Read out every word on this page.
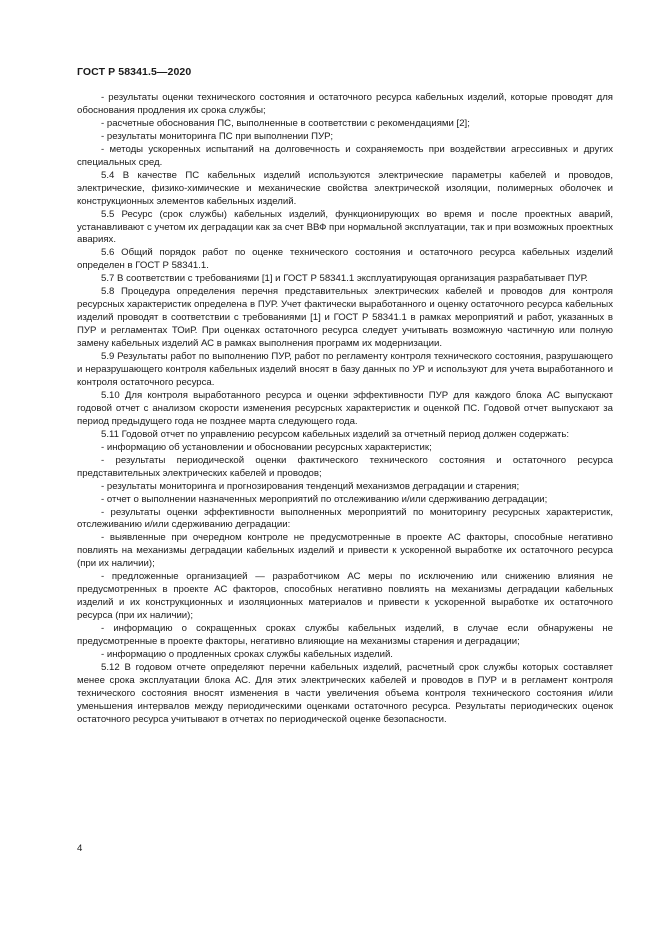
ГОСТ Р 58341.5—2020

- результаты оценки технического состояния и остаточного ресурса кабельных изделий, которые проводят для обоснования продления их срока службы;

- расчетные обоснования ПС, выполненные в соответствии с рекомендациями [2];

- результаты мониторинга ПС при выполнении ПУР;

- методы ускоренных испытаний на долговечность и сохраняемость при воздействии агрессивных и других специальных сред.

5.4 В качестве ПС кабельных изделий используются электрические параметры кабелей и проводов, электрические, физико-химические и механические свойства электрической изоляции, полимерных оболочек и конструкционных элементов кабельных изделий.

5.5 Ресурс (срок службы) кабельных изделий, функционирующих во время и после проектных аварий, устанавливают с учетом их деградации как за счет ВВФ при нормальной эксплуатации, так и при возможных проектных авариях.

5.6 Общий порядок работ по оценке технического состояния и остаточного ресурса кабельных изделий определен в ГОСТ Р 58341.1.

5.7 В соответствии с требованиями [1] и ГОСТ Р 58341.1 эксплуатирующая организация разрабатывает ПУР.

5.8 Процедура определения перечня представительных электрических кабелей и проводов для контроля ресурсных характеристик определена в ПУР. Учет фактически выработанного и оценку остаточного ресурса кабельных изделий проводят в соответствии с требованиями [1] и ГОСТ Р 58341.1 в рамках мероприятий и работ, указанных в ПУР и регламентах ТОиР. При оценках остаточного ресурса следует учитывать возможную частичную или полную замену кабельных изделий АС в рамках выполнения программ их модернизации.

5.9 Результаты работ по выполнению ПУР, работ по регламенту контроля технического состояния, разрушающего и неразрушающего контроля кабельных изделий вносят в базу данных по УР и используют для учета выработанного и контроля остаточного ресурса.

5.10 Для контроля выработанного ресурса и оценки эффективности ПУР для каждого блока АС выпускают годовой отчет с анализом скорости изменения ресурсных характеристик и оценкой ПС. Годовой отчет выпускают за период предыдущего года не позднее марта следующего года.

5.11 Годовой отчет по управлению ресурсом кабельных изделий за отчетный период должен содержать:

- информацию об установлении и обосновании ресурсных характеристик;

- результаты периодической оценки фактического технического состояния и остаточного ресурса представительных электрических кабелей и проводов;

- результаты мониторинга и прогнозирования тенденций механизмов деградации и старения;

- отчет о выполнении назначенных мероприятий по отслеживанию и/или сдерживанию деградации;

- результаты оценки эффективности выполненных мероприятий по мониторингу ресурсных характеристик, отслеживанию и/или сдерживанию деградации:

- выявленные при очередном контроле не предусмотренные в проекте АС факторы, способные негативно повлиять на механизмы деградации кабельных изделий и привести к ускоренной выработке их остаточного ресурса (при их наличии);

- предложенные организацией — разработчиком АС меры по исключению или снижению влияния не предусмотренных в проекте АС факторов, способных негативно повлиять на механизмы деградации кабельных изделий и их конструкционных и изоляционных материалов и привести к ускоренной выработке их остаточного ресурса (при их наличии);

- информацию о сокращенных сроках службы кабельных изделий, в случае если обнаружены не предусмотренные в проекте факторы, негативно влияющие на механизмы старения и деградации;

- информацию о продленных сроках службы кабельных изделий.

5.12 В годовом отчете определяют перечни кабельных изделий, расчетный срок службы которых составляет менее срока эксплуатации блока АС. Для этих электрических кабелей и проводов в ПУР и в регламент контроля технического состояния вносят изменения в части увеличения объема контроля технического состояния и/или уменьшения интервалов между периодическими оценками остаточного ресурса. Результаты периодических оценок остаточного ресурса учитывают в отчетах по периодической оценке безопасности.

4
